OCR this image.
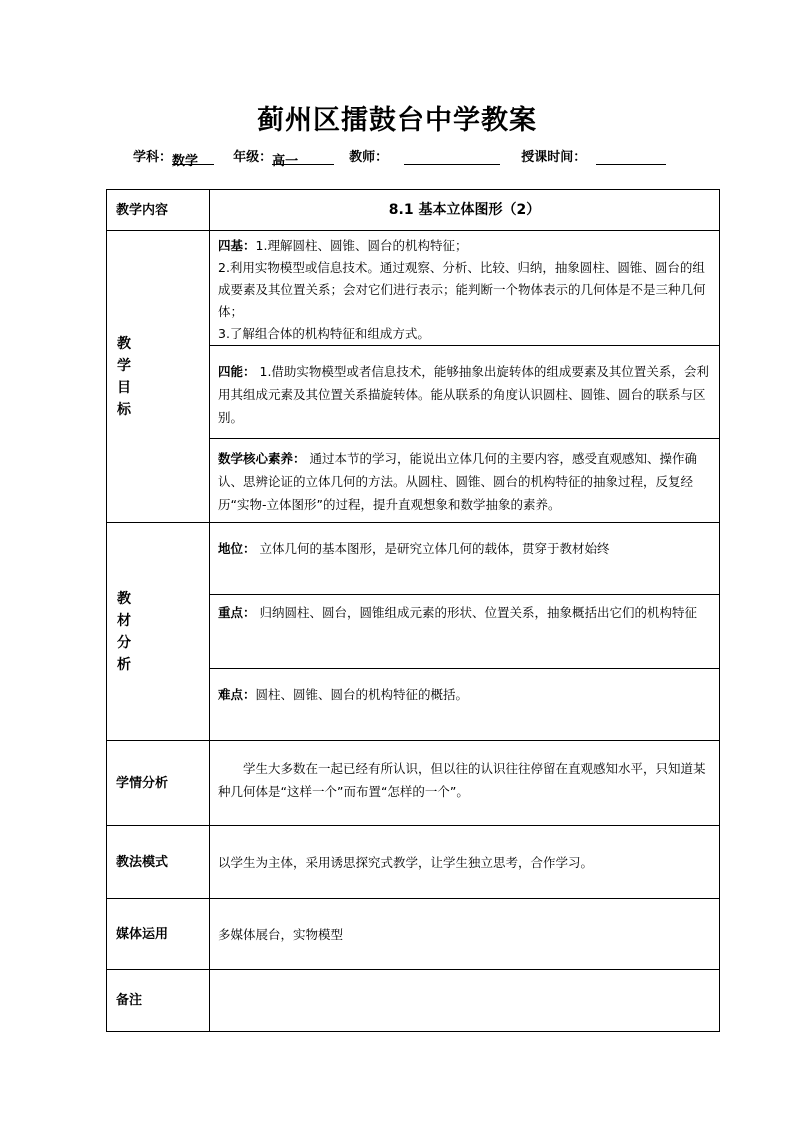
蓟州区擂鼓台中学教案
学科：数学	年级：高一	教师：	授课时间：
教学内容	8.1 基本立体图形（2）

教
学
目
标	四基：1.理解圆柱、圆锥、圆台的机构特征；
2.利用实物模型或信息技术。通过观察、分析、比较、归纳，抽象圆柱、圆锥、圆台的组成要素及其位置关系；会对它们进行表示；能判断一个物体表示的几何体是不是三种几何体；
3.了解组合体的机构特征和组成方式。

	四能： 1.借助实物模型或者信息技术，能够抽象出旋转体的组成要素及其位置关系，会利用其组成元素及其位置关系描旋转体。能从联系的角度认识圆柱、圆锥、圆台的联系与区别。

	数学核心素养： 通过本节的学习，能说出立体几何的主要内容，感受直观感知、操作确认、思辨论证的立体几何的方法。从圆柱、圆锥、圆台的机构特征的抽象过程，反复经历“实物-立体图形”的过程，提升直观想象和数学抽象的素养。

教
材
分
析	地位： 立体几何的基本图形，是研究立体几何的载体，贯穿于教材始终

	重点： 归纳圆柱、圆台，圆锥组成元素的形状、位置关系，抽象概括出它们的机构特征

	难点：圆柱、圆锥、圆台的机构特征的概括。

学情分析	学生大多数在一起已经有所认识，但以往的认识往往停留在直观感知水平，只知道某种几何体是“这样一个”而布置“怎样的一个”。

教法模式	以学生为主体，采用诱思探究式教学，让学生独立思考，合作学习。

媒体运用	多媒体展台，实物模型

备注	
